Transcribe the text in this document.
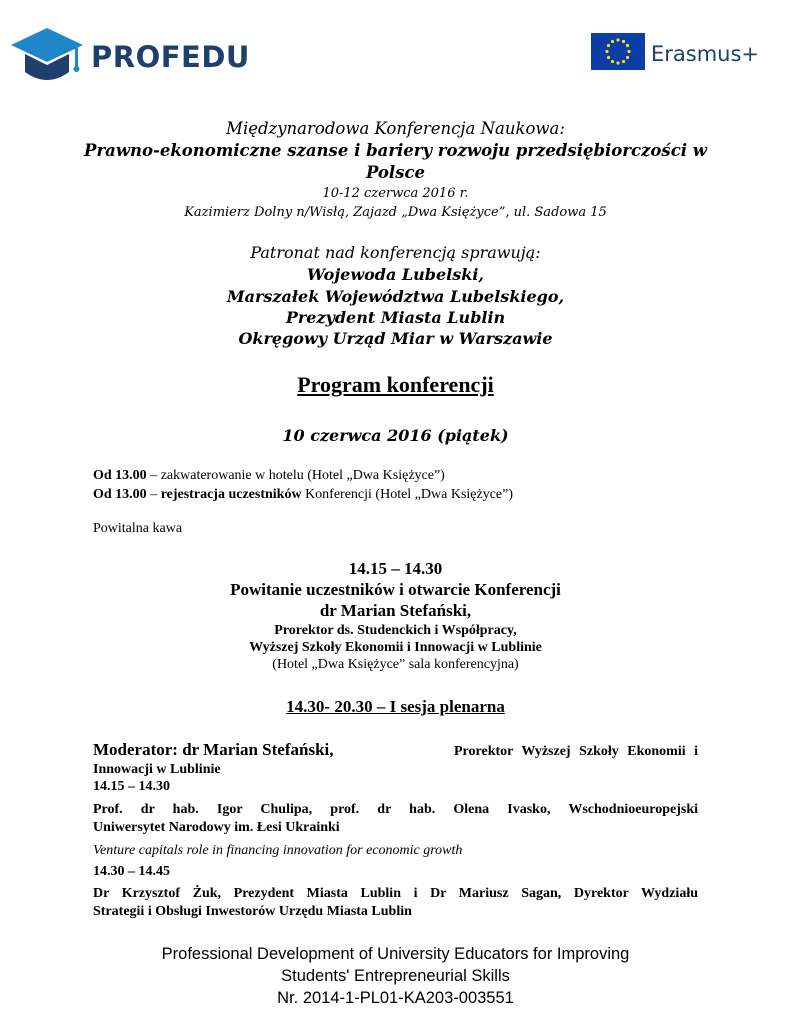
PROFEDU	Erasmus+
Międzynarodowa Konferencja Naukowa:
Prawno-ekonomiczne szanse i bariery rozwoju przedsiębiorczości w
Polsce
10-12 czerwca 2016 r.
Kazimierz Dolny n/Wisłą, Zajazd „Dwa Księżyce”, ul. Sadowa 15
Patronat nad konferencją sprawują:
Wojewoda Lubelski,
Marszałek Województwa Lubelskiego,
Prezydent Miasta Lublin
Okręgowy Urząd Miar w Warszawie
Program konferencji
10 czerwca 2016 (piątek)
Od 13.00 – zakwaterowanie w hotelu (Hotel „Dwa Księżyce”)
Od 13.00 – rejestracja uczestników Konferencji (Hotel „Dwa Księżyce”)
Powitalna kawa
14.15 – 14.30
Powitanie uczestników i otwarcie Konferencji
dr Marian Stefański,
Prorektor ds. Studenckich i Współpracy,
Wyższej Szkoły Ekonomii i Innowacji w Lublinie
(Hotel „Dwa Księżyce” sala konferencyjna)
14.30- 20.30 – I sesja plenarna
Moderator: dr Marian Stefański,	Prorektor Wyższej Szkoły Ekonomii i
Innowacji w Lublinie
14.15 – 14.30
Prof. dr hab. Igor Chulipa, prof. dr hab. Olena Ivasko, Wschodnioeuropejski
Uniwersytet Narodowy im. Łesi Ukrainki
Venture capitals role in financing innovation for economic growth
14.30 – 14.45
Dr Krzysztof Żuk, Prezydent Miasta Lublin i Dr Mariusz Sagan, Dyrektor Wydziału
Strategii i Obsługi Inwestorów Urzędu Miasta Lublin
Professional Development of University Educators for Improving
Students' Entrepreneurial Skills
Nr. 2014-1-PL01-KA203-003551
